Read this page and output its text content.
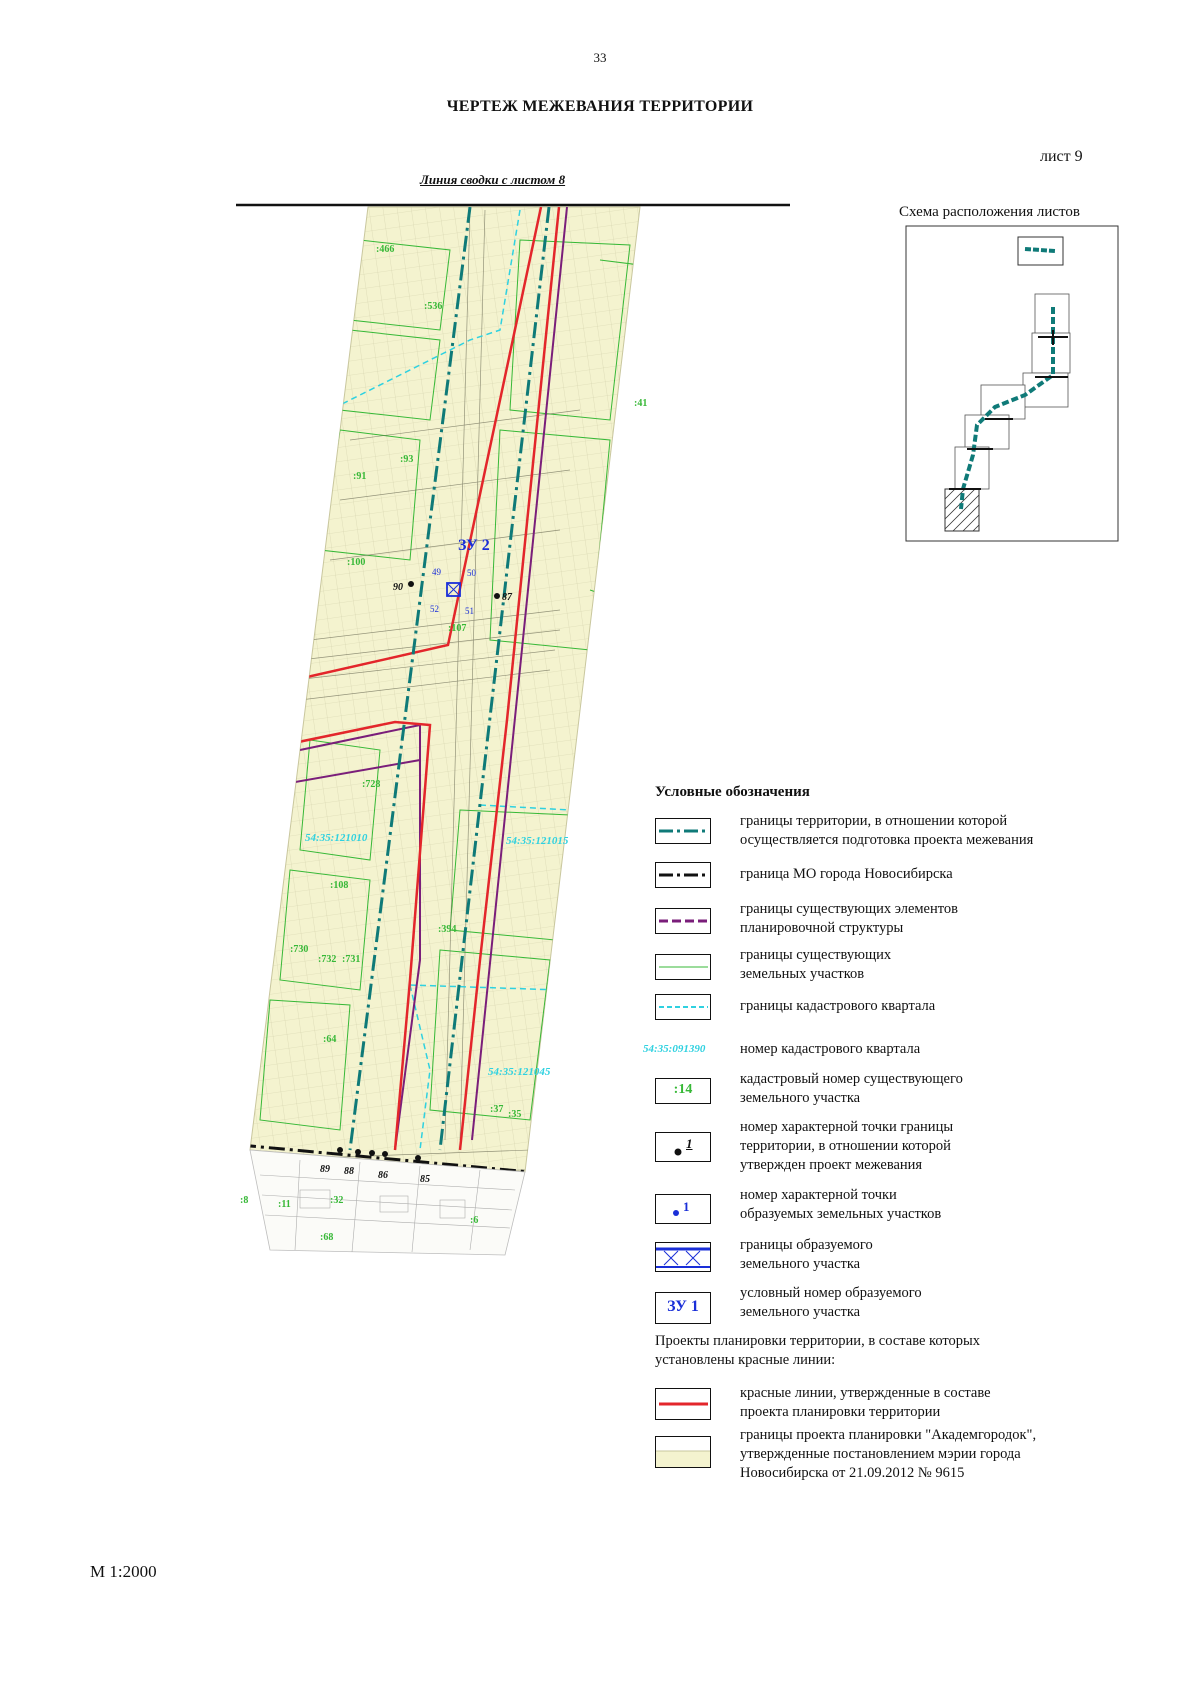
33
ЧЕРТЕЖ МЕЖЕВАНИЯ ТЕРРИТОРИИ
лист 9
Линия сводки с листом 8
:466
:536
:41
:91
:93
:100
:107
:728
:108
:730
:732 :731
:394
:64
:37 :35
:8	:11	:32
:68
:6
54:35:121010	54:35:121015
54:35:121045
ЗУ 2
49	50
51
52
90
87
89 88 86	85
Схема расположения листов
Условные обозначения
границы территории, в отношении которой
осуществляется подготовка проекта межевания
граница МО города Новосибирска
границы существующих элементов
планировочной структуры
границы существующих
земельных участков
границы кадастрового квартала
54:35:091390 номер кадастрового квартала
:14
кадастровый номер существующего
земельного участка
1
номер характерной точки границы
территории, в отношении которой
утвержден проект межевания
1
номер характерной точки
образуемых земельных участков
границы образуемого
земельного участка
ЗУ 1
условный номер образуемого
земельного участка
Проекты планировки территории, в составе которых
установлены красные линии:
красные линии, утвержденные в составе
проекта планировки территории
границы проекта планировки "Академгородок",
утвержденные постановлением мэрии города
Новосибирска от 21.09.2012 № 9615
М 1:2000
